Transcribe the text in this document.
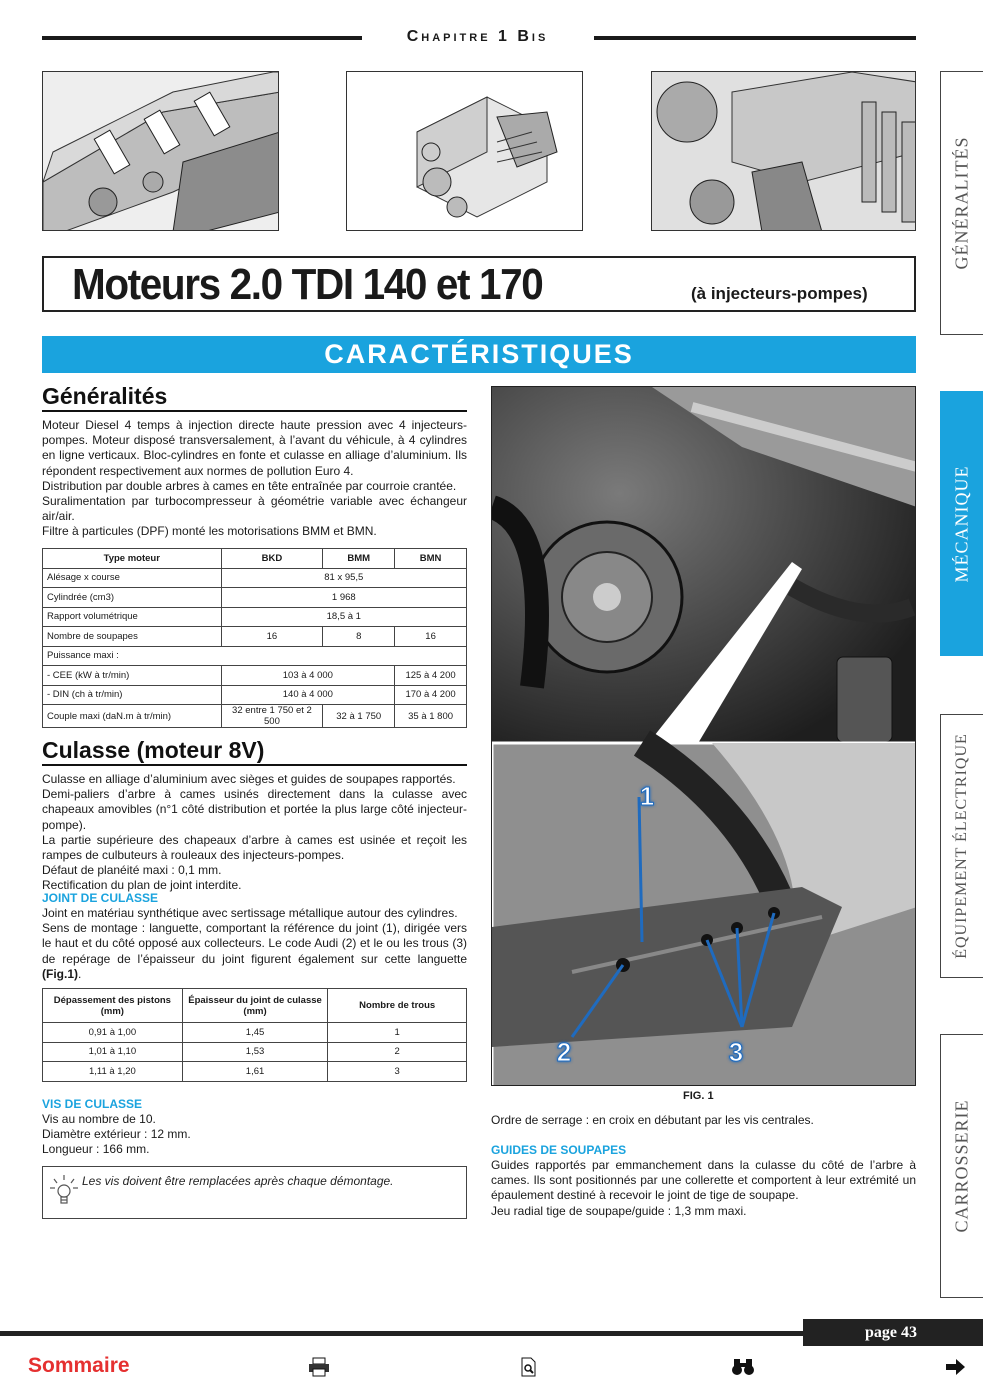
Chapitre 1 Bis
Moteurs 2.0 TDI 140 et 170	(à injecteurs-pompes)
CARACTÉRISTIQUES
GÉNÉRALITÉS
MÉCANIQUE
ÉQUIPEMENT ÉLECTRIQUE
CARROSSERIE
Généralités
Moteur Diesel 4 temps à injection directe haute pression avec 4 injecteurs-pompes. Moteur disposé transversalement, à l’avant du véhicule, à 4 cylindres en ligne verticaux. Bloc-cylindres en fonte et culasse en alliage d’aluminium. Ils répondent respectivement aux normes de pollution Euro 4.
Distribution par double arbres à cames en tête entraînée par courroie crantée.
Suralimentation par turbocompresseur à géométrie variable avec échangeur air/air.
Filtre à particules (DPF) monté les motorisations BMM et BMN.
Type moteur	BKD	BMM	BMN
Alésage x course	81 x 95,5		
Cylindrée (cm3)	1 968		
Rapport volumétrique	18,5 à 1		
Nombre de soupapes	16	8	16
Puissance maxi :			
- CEE (kW à tr/min)	103 à 4 000		125 à 4 200
- DIN (ch à tr/min)	140 à 4 000		170 à 4 200
Couple maxi (daN.m à tr/min)	32 entre 1 750 et 2 500	32 à 1 750	35 à 1 800
Culasse (moteur 8V)
Culasse en alliage d’aluminium avec sièges et guides de soupapes rapportés.
Demi-paliers d’arbre à cames usinés directement dans la culasse avec chapeaux amovibles (n°1 côté distribution et portée la plus large côté injecteur-pompe).
La partie supérieure des chapeaux d’arbre à cames est usinée et reçoit les rampes de culbuteurs à rouleaux des injecteurs-pompes.
Défaut de planéité maxi : 0,1 mm.
Rectification du plan de joint interdite.
JOINT DE CULASSE
Joint en matériau synthétique avec sertissage métallique autour des cylindres.
Sens de montage : languette, comportant la référence du joint (1), dirigée vers le haut et du côté opposé aux collecteurs. Le code Audi (2) et le ou les trous (3) de repérage de l’épaisseur du joint figurent également sur cette languette (Fig.1).
Dépassement des pistons (mm)	Épaisseur du joint de culasse (mm)	Nombre de trous
0,91 à 1,00	1,45	1
1,01 à 1,10	1,53	2
1,11 à 1,20	1,61	3
VIS DE CULASSE
Vis au nombre de 10.
Diamètre extérieur : 12 mm.
Longueur : 166 mm.
Les vis doivent être remplacées après chaque démontage.
1
2	3
FIG. 1
Ordre de serrage : en croix en débutant par les vis centrales.
GUIDES DE SOUPAPES
Guides rapportés par emmanchement dans la culasse du côté de l’arbre à cames. Ils sont positionnés par une collerette et comportent à leur extrémité un épaulement destiné à recevoir le joint de tige de soupape.
Jeu radial tige de soupape/guide : 1,3 mm maxi.
page 43
Sommaire
